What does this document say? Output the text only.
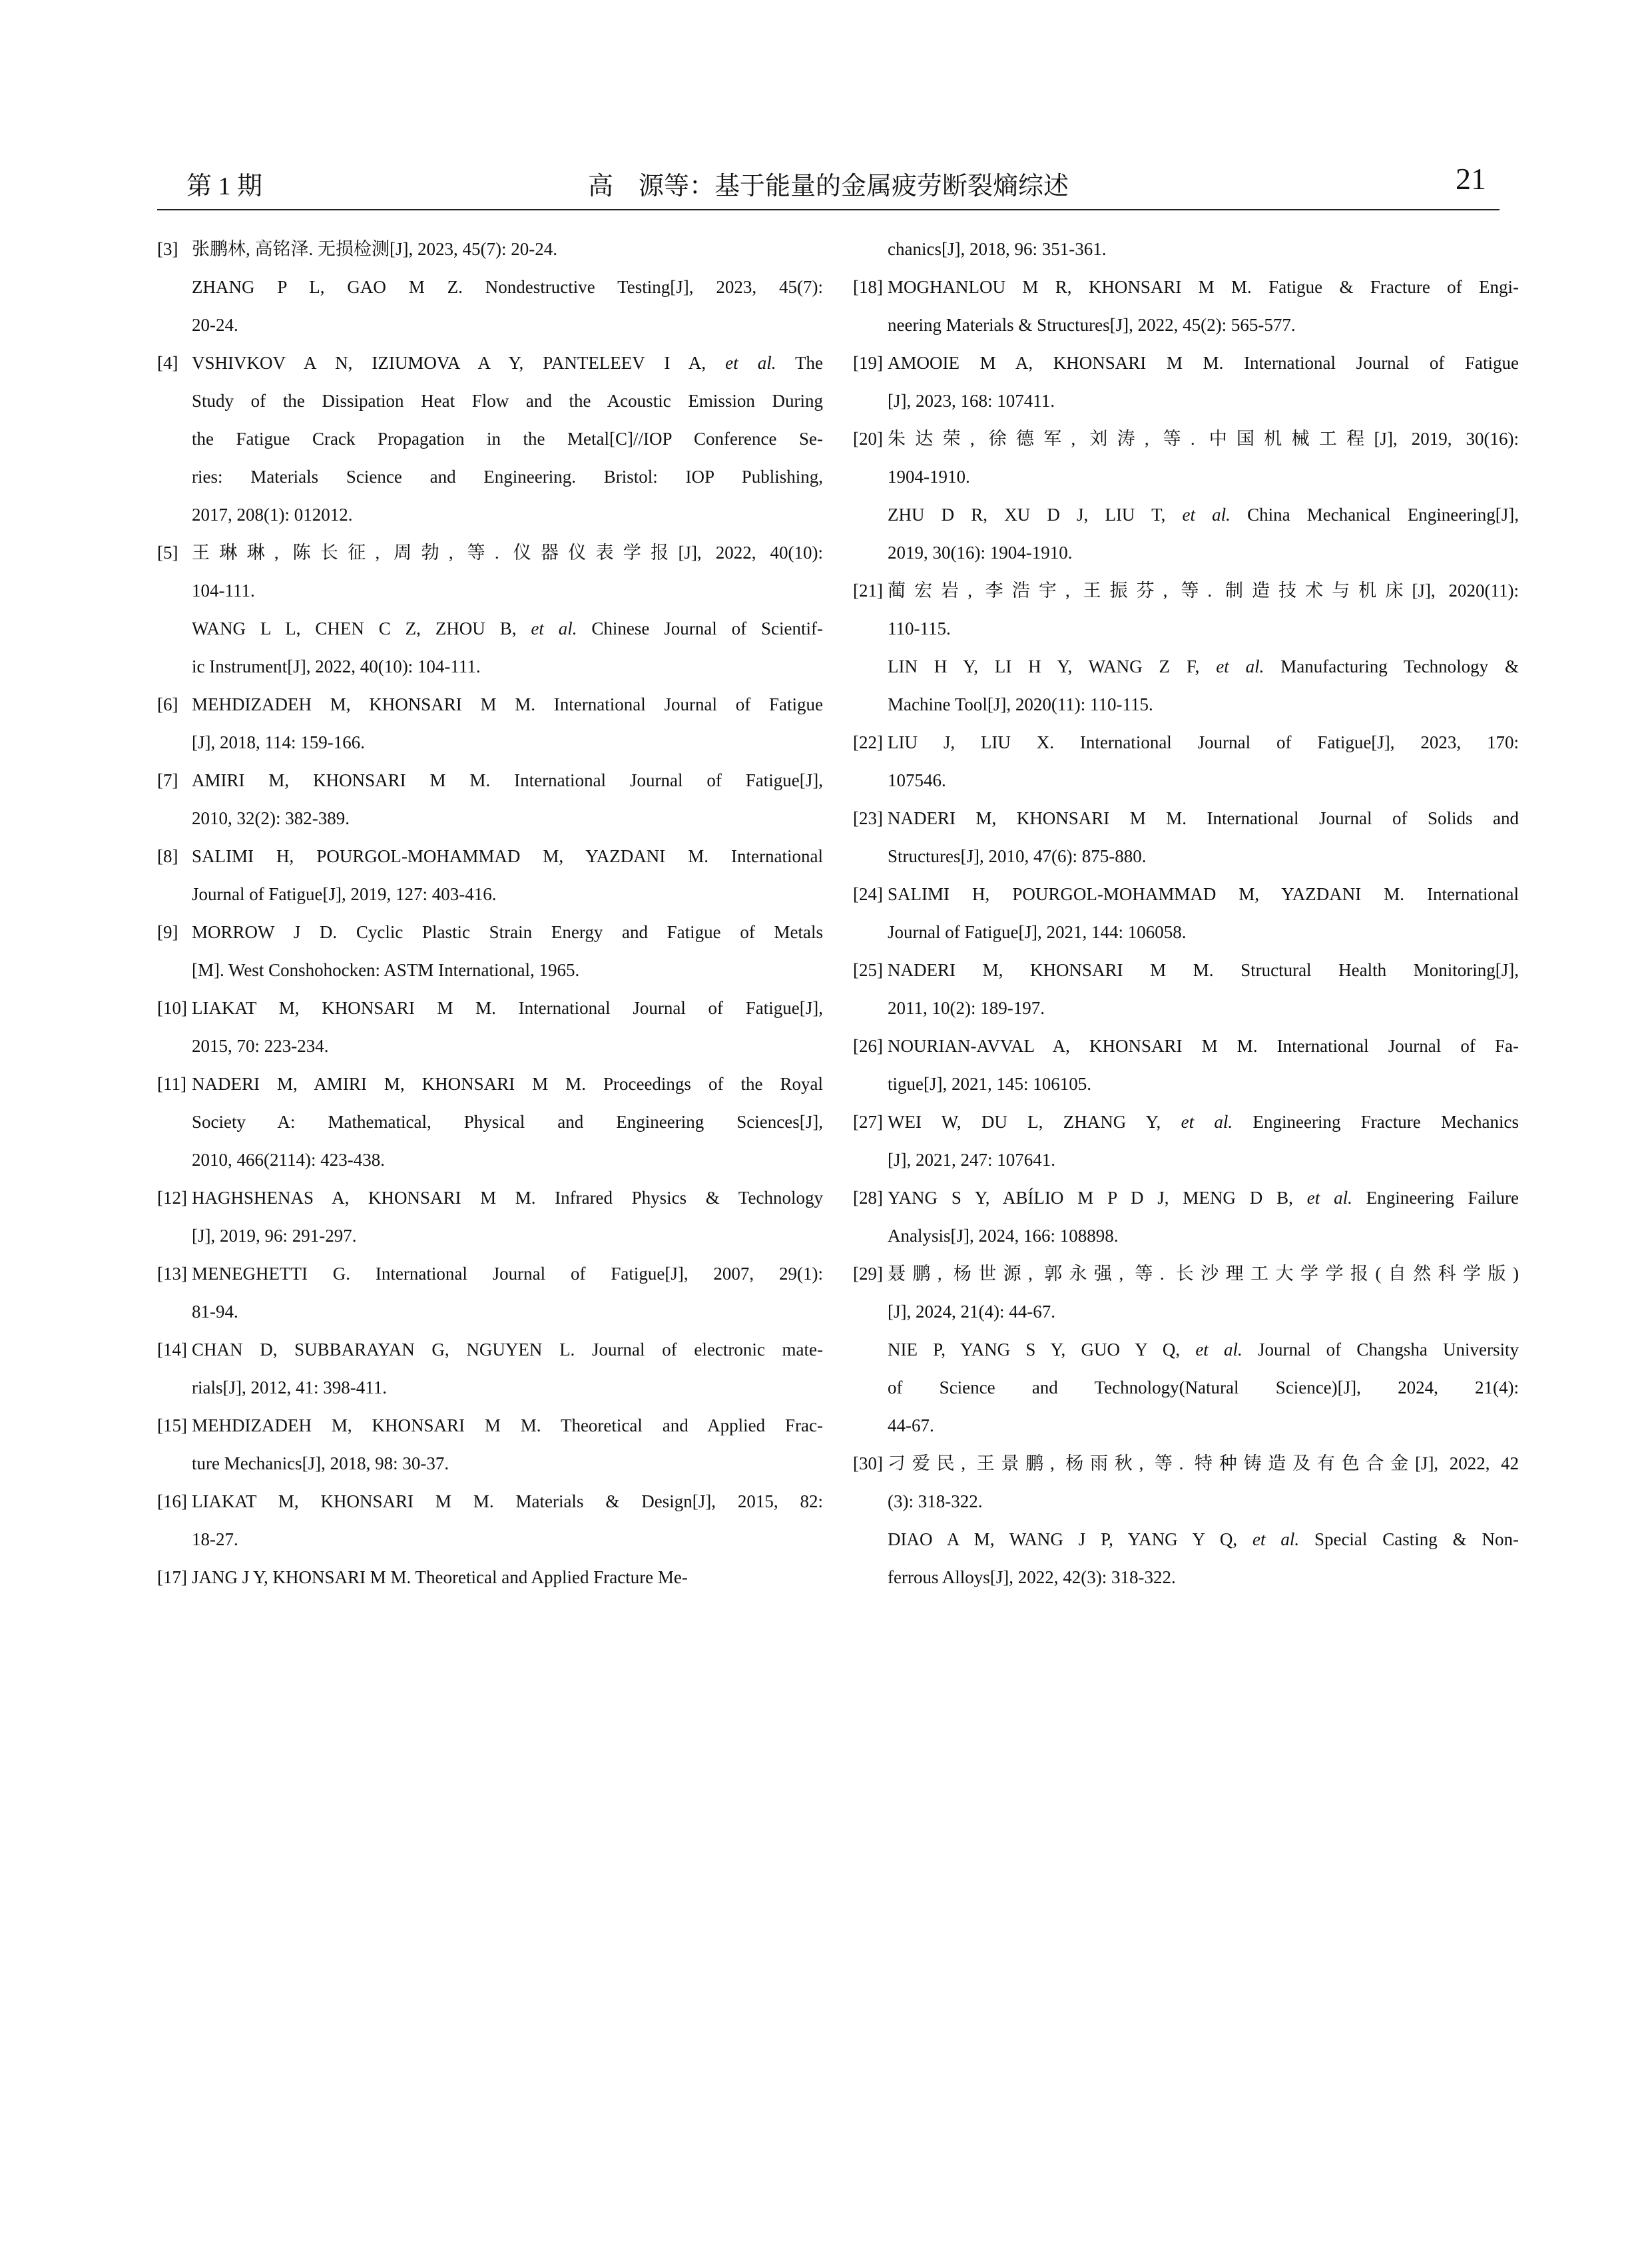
第 1 期	高　源等：基于能量的金属疲劳断裂熵综述	21
[3] 张鹏林, 高铭泽. 无损检测[J], 2023, 45(7): 20-24.
ZHANG P L, GAO M Z. Nondestructive Testing[J], 2023, 45(7):
20-24.
[4] VSHIVKOV A N, IZIUMOVA A Y, PANTELEEV I A, et al. The
Study of the Dissipation Heat Flow and the Acoustic Emission During
the Fatigue Crack Propagation in the Metal[C]//IOP Conference Se-
ries: Materials Science and Engineering. Bristol: IOP Publishing,
2017, 208(1): 012012.
[5] 王琳琳, 陈长征, 周勃, 等. 仪器仪表学报[J], 2022, 40(10):
104-111.
WANG L L, CHEN C Z, ZHOU B, et al. Chinese Journal of Scientif-
ic Instrument[J], 2022, 40(10): 104-111.
[6] MEHDIZADEH M, KHONSARI M M. International Journal of Fatigue
[J], 2018, 114: 159-166.
[7] AMIRI M, KHONSARI M M. International Journal of Fatigue[J],
2010, 32(2): 382-389.
[8] SALIMI H, POURGOL-MOHAMMAD M, YAZDANI M. International
Journal of Fatigue[J], 2019, 127: 403-416.
[9] MORROW J D. Cyclic Plastic Strain Energy and Fatigue of Metals
[M]. West Conshohocken: ASTM International, 1965.
[10] LIAKAT M, KHONSARI M M. International Journal of Fatigue[J],
2015, 70: 223-234.
[11] NADERI M, AMIRI M, KHONSARI M M. Proceedings of the Royal
Society A: Mathematical, Physical and Engineering Sciences[J],
2010, 466(2114): 423-438.
[12] HAGHSHENAS A, KHONSARI M M. Infrared Physics & Technology
[J], 2019, 96: 291-297.
[13] MENEGHETTI G. International Journal of Fatigue[J], 2007, 29(1):
81-94.
[14] CHAN D, SUBBARAYAN G, NGUYEN L. Journal of electronic mate-
rials[J], 2012, 41: 398-411.
[15] MEHDIZADEH M, KHONSARI M M. Theoretical and Applied Frac-
ture Mechanics[J], 2018, 98: 30-37.
[16] LIAKAT M, KHONSARI M M. Materials & Design[J], 2015, 82:
18-27.
[17] JANG J Y, KHONSARI M M. Theoretical and Applied Fracture Me-
chanics[J], 2018, 96: 351-361.
[18] MOGHANLOU M R, KHONSARI M M. Fatigue & Fracture of Engi-
neering Materials & Structures[J], 2022, 45(2): 565-577.
[19] AMOOIE M A, KHONSARI M M. International Journal of Fatigue
[J], 2023, 168: 107411.
[20] 朱达荣, 徐德军, 刘涛, 等. 中国机械工程[J], 2019, 30(16):
1904-1910.
ZHU D R, XU D J, LIU T, et al. China Mechanical Engineering[J],
2019, 30(16): 1904-1910.
[21] 蔺宏岩, 李浩宇, 王振芬, 等. 制造技术与机床[J], 2020(11):
110-115.
LIN H Y, LI H Y, WANG Z F, et al. Manufacturing Technology &
Machine Tool[J], 2020(11): 110-115.
[22] LIU J, LIU X. International Journal of Fatigue[J], 2023, 170:
107546.
[23] NADERI M, KHONSARI M M. International Journal of Solids and
Structures[J], 2010, 47(6): 875-880.
[24] SALIMI H, POURGOL-MOHAMMAD M, YAZDANI M. International
Journal of Fatigue[J], 2021, 144: 106058.
[25] NADERI M, KHONSARI M M. Structural Health Monitoring[J],
2011, 10(2): 189-197.
[26] NOURIAN-AVVAL A, KHONSARI M M. International Journal of Fa-
tigue[J], 2021, 145: 106105.
[27] WEI W, DU L, ZHANG Y, et al. Engineering Fracture Mechanics
[J], 2021, 247: 107641.
[28] YANG S Y, ABÍLIO M P D J, MENG D B, et al. Engineering Failure
Analysis[J], 2024, 166: 108898.
[29] 聂鹏, 杨世源, 郭永强, 等. 长沙理工大学学报(自然科学版)
[J], 2024, 21(4): 44-67.
NIE P, YANG S Y, GUO Y Q, et al. Journal of Changsha University
of Science and Technology(Natural Science)[J], 2024, 21(4):
44-67.
[30] 刁爱民, 王景鹏, 杨雨秋, 等. 特种铸造及有色合金[J], 2022, 42
(3): 318-322.
DIAO A M, WANG J P, YANG Y Q, et al. Special Casting & Non-
ferrous Alloys[J], 2022, 42(3): 318-322.
